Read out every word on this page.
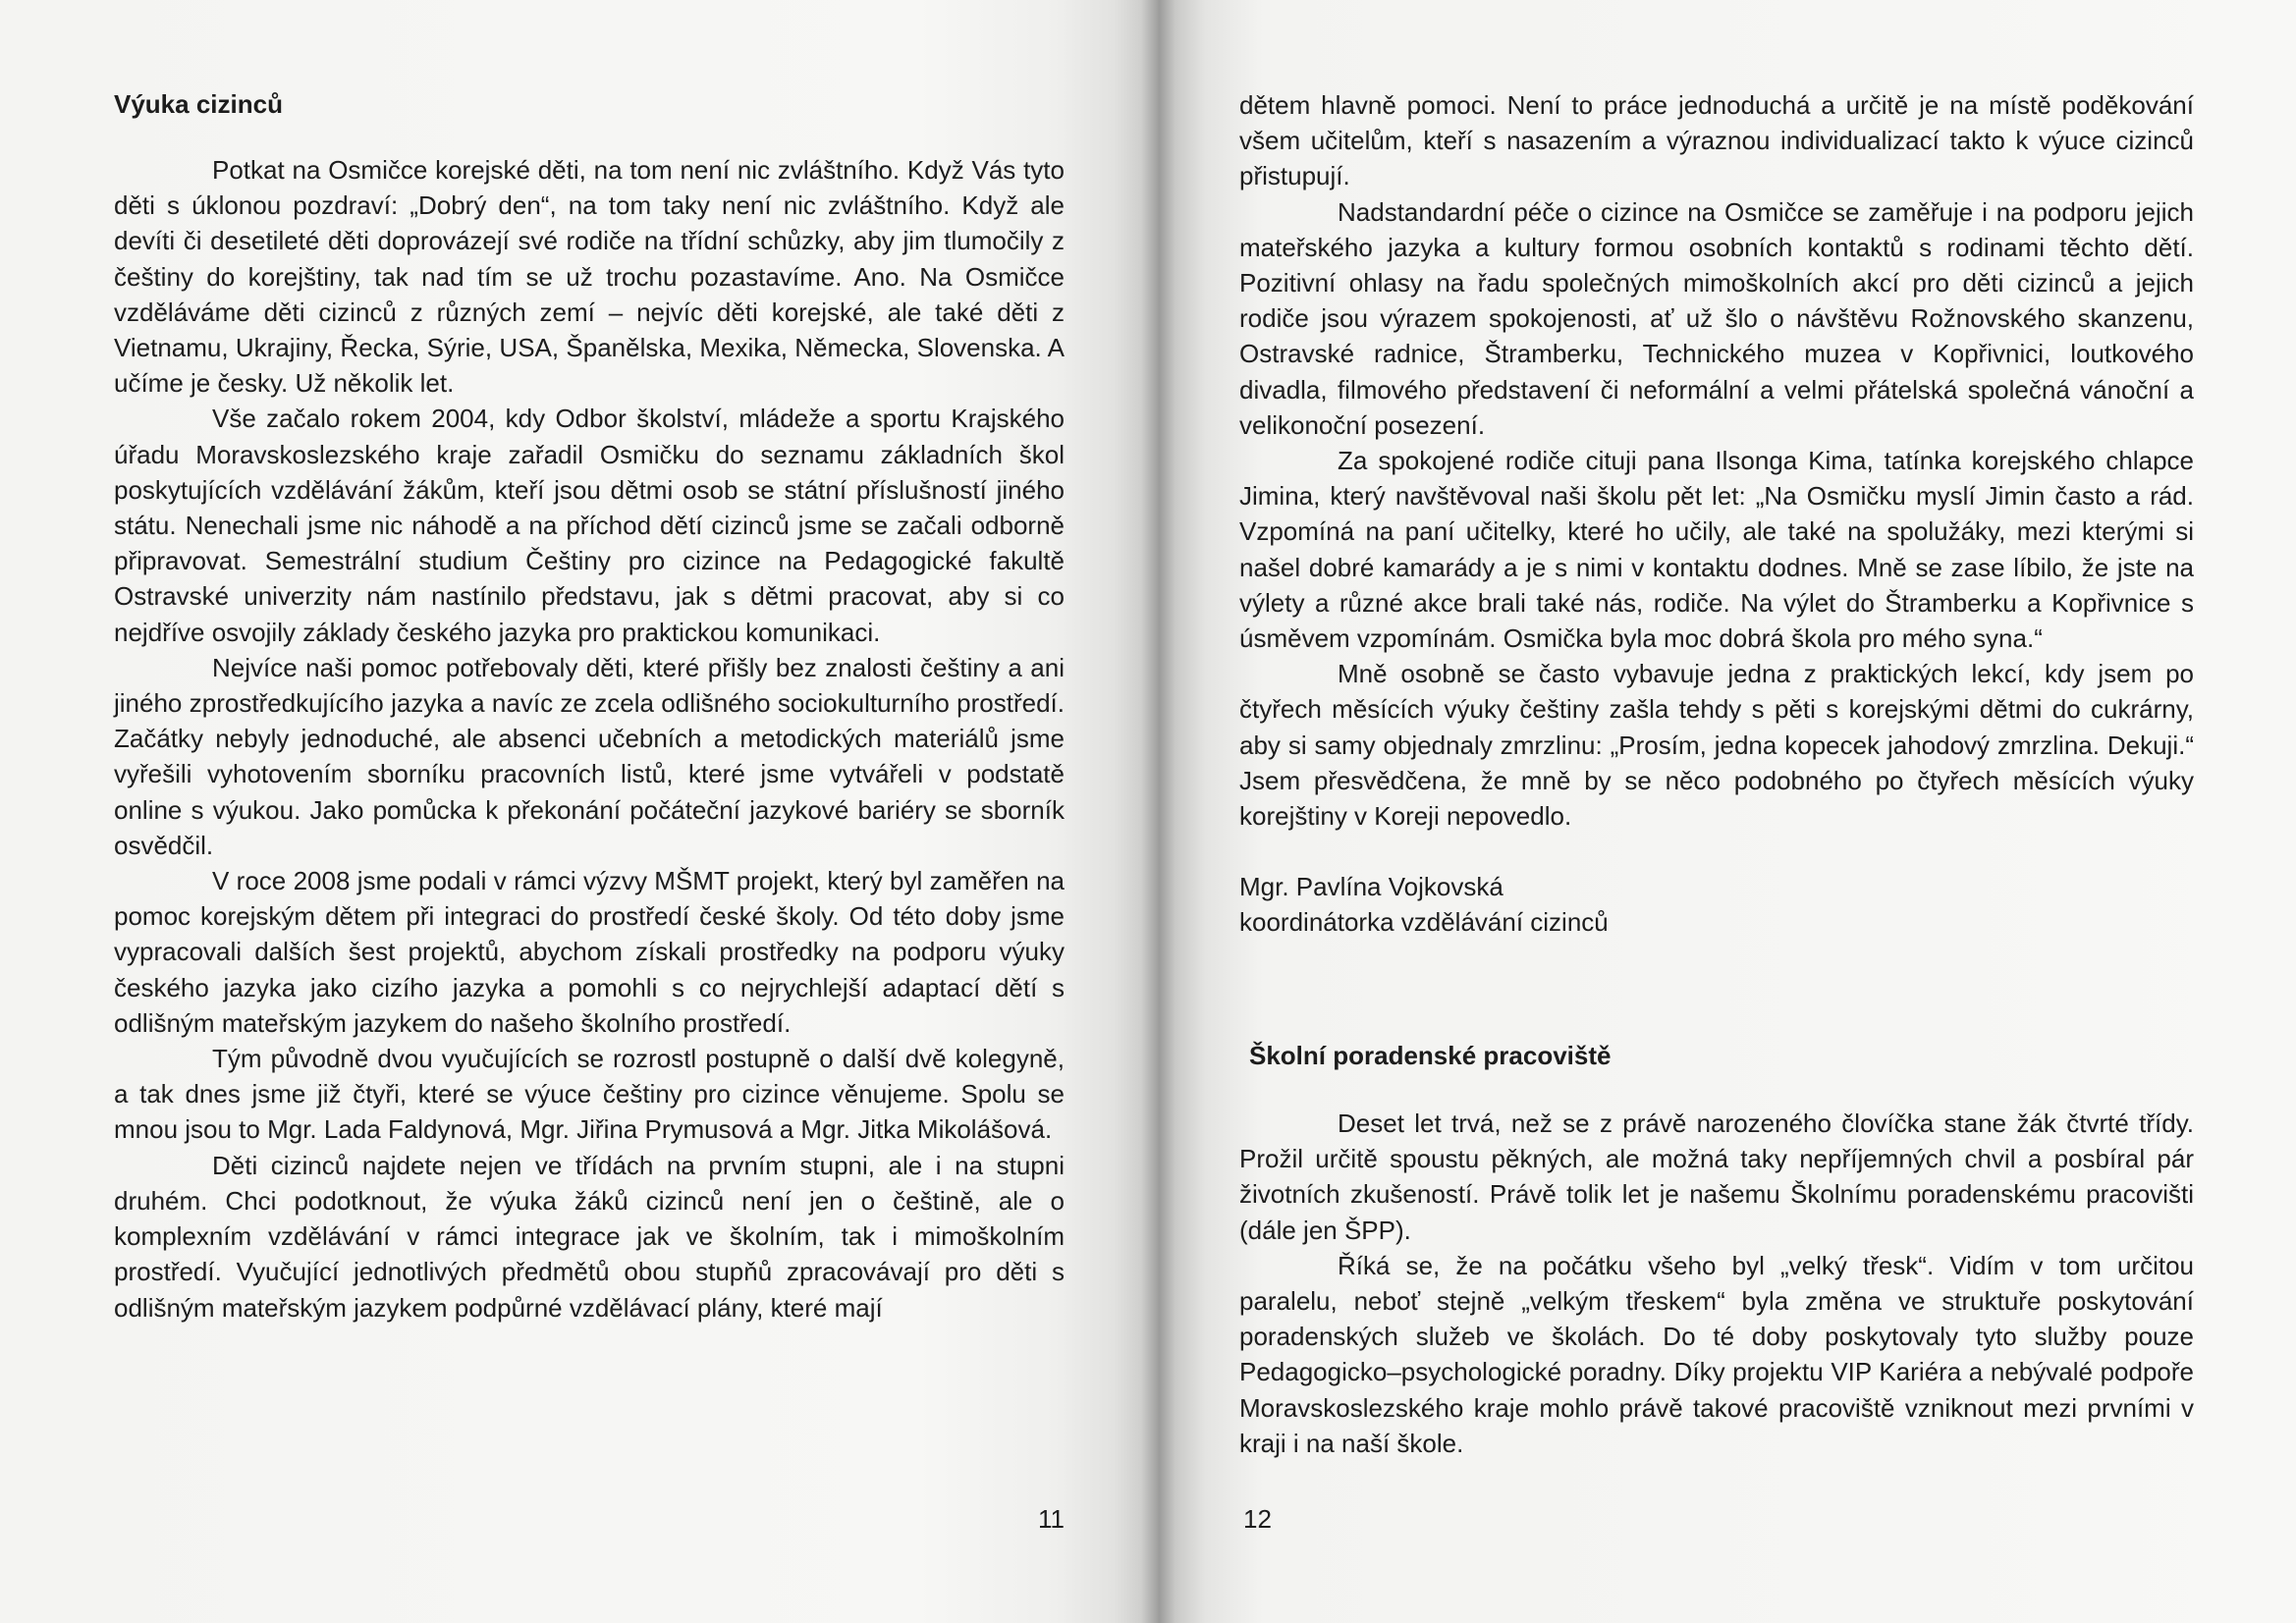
Výuka cizinců

Potkat na Osmičce korejské děti, na tom není nic zvláštního. Když Vás tyto děti s úklonou pozdraví: „Dobrý den“, na tom taky není nic zvláštního. Když ale devíti či desetileté děti doprovázejí své rodiče na třídní schůzky, aby jim tlumočily z češtiny do korejštiny, tak nad tím se už trochu pozastavíme. Ano. Na Osmičce vzděláváme děti cizinců z různých zemí – nejvíc děti korejské, ale také děti z Vietnamu, Ukrajiny, Řecka, Sýrie, USA, Španělska, Mexika, Německa, Slovenska. A učíme je česky. Už několik let.

Vše začalo rokem 2004, kdy Odbor školství, mládeže a sportu Krajského úřadu Moravskoslezského kraje zařadil Osmičku do seznamu základních škol poskytujících vzdělávání žákům, kteří jsou dětmi osob se státní příslušností jiného státu. Nenechali jsme nic náhodě a na příchod dětí cizinců jsme se začali odborně připravovat. Semestrální studium Češtiny pro cizince na Pedagogické fakultě Ostravské univerzity nám nastínilo představu, jak s dětmi pracovat, aby si co nejdříve osvojily základy českého jazyka pro praktickou komunikaci.

Nejvíce naši pomoc potřebovaly děti, které přišly bez znalosti češtiny a ani jiného zprostředkujícího jazyka a navíc ze zcela odlišného sociokulturního prostředí. Začátky nebyly jednoduché, ale absenci učebních a metodických materiálů jsme vyřešili vyhotovením sborníku pracovních listů, které jsme vytvářeli v podstatě online s výukou. Jako pomůcka k překonání počáteční jazykové bariéry se sborník osvědčil.

V roce 2008 jsme podali v rámci výzvy MŠMT projekt, který byl zaměřen na pomoc korejským dětem při integraci do prostředí české školy. Od této doby jsme vypracovali dalších šest projektů, abychom získali prostředky na podporu výuky českého jazyka jako cizího jazyka a pomohli s co nejrychlejší adaptací dětí s odlišným mateřským jazykem do našeho školního prostředí.

Tým původně dvou vyučujících se rozrostl postupně o další dvě kolegyně, a tak dnes jsme již čtyři, které se výuce češtiny pro cizince věnujeme. Spolu se mnou jsou to Mgr. Lada Faldynová, Mgr. Jiřina Prymusová a Mgr. Jitka Mikolášová.

Děti cizinců najdete nejen ve třídách na prvním stupni, ale i na stupni druhém. Chci podotknout, že výuka žáků cizinců není jen o češtině, ale o komplexním vzdělávání v rámci integrace jak ve školním, tak i mimoškolním prostředí. Vyučující jednotlivých předmětů obou stupňů zpracovávají pro děti s odlišným mateřským jazykem podpůrné vzdělávací plány, které mají

11

dětem hlavně pomoci. Není to práce jednoduchá a určitě je na místě poděkování všem učitelům, kteří s nasazením a výraznou individualizací takto k výuce cizinců přistupují.

Nadstandardní péče o cizince na Osmičce se zaměřuje i na podporu jejich mateřského jazyka a kultury formou osobních kontaktů s rodinami těchto dětí. Pozitivní ohlasy na řadu společných mimoškolních akcí pro děti cizinců a jejich rodiče jsou výrazem spokojenosti, ať už šlo o návštěvu Rožnovského skanzenu, Ostravské radnice, Štramberku, Technického muzea v Kopřivnici, loutkového divadla, filmového představení či neformální a velmi přátelská společná vánoční a velikonoční posezení.

Za spokojené rodiče cituji pana Ilsonga Kima, tatínka korejského chlapce Jimina, který navštěvoval naši školu pět let: „Na Osmičku myslí Jimin často a rád. Vzpomíná na paní učitelky, které ho učily, ale také na spolužáky, mezi kterými si našel dobré kamarády a je s nimi v kontaktu dodnes. Mně se zase líbilo, že jste na výlety a různé akce brali také nás, rodiče. Na výlet do Štramberku a Kopřivnice s úsměvem vzpomínám. Osmička byla moc dobrá škola pro mého syna.“

Mně osobně se často vybavuje jedna z praktických lekcí, kdy jsem po čtyřech měsících výuky češtiny zašla tehdy s pěti s korejskými dětmi do cukrárny, aby si samy objednaly zmrzlinu: „Prosím, jedna kopecek jahodový zmrzlina. Dekuji.“ Jsem přesvědčena, že mně by se něco podobného po čtyřech měsících výuky korejštiny v Koreji nepovedlo.

Mgr. Pavlína Vojkovská

koordinátorka vzdělávání cizinců

Školní poradenské pracoviště

Deset let trvá, než se z právě narozeného človíčka stane žák čtvrté třídy. Prožil určitě spoustu pěkných, ale možná taky nepříjemných chvil a posbíral pár životních zkušeností. Právě tolik let je našemu Školnímu poradenskému pracovišti (dále jen ŠPP).

Říká se, že na počátku všeho byl „velký třesk“. Vidím v tom určitou paralelu, neboť stejně „velkým třeskem“ byla změna ve struktuře poskytování poradenských služeb ve školách. Do té doby poskytovaly tyto služby pouze Pedagogicko–psychologické poradny. Díky projektu VIP Kariéra a nebývalé podpoře Moravskoslezského kraje mohlo právě takové pracoviště vzniknout mezi prvními v kraji i na naší škole.

12
